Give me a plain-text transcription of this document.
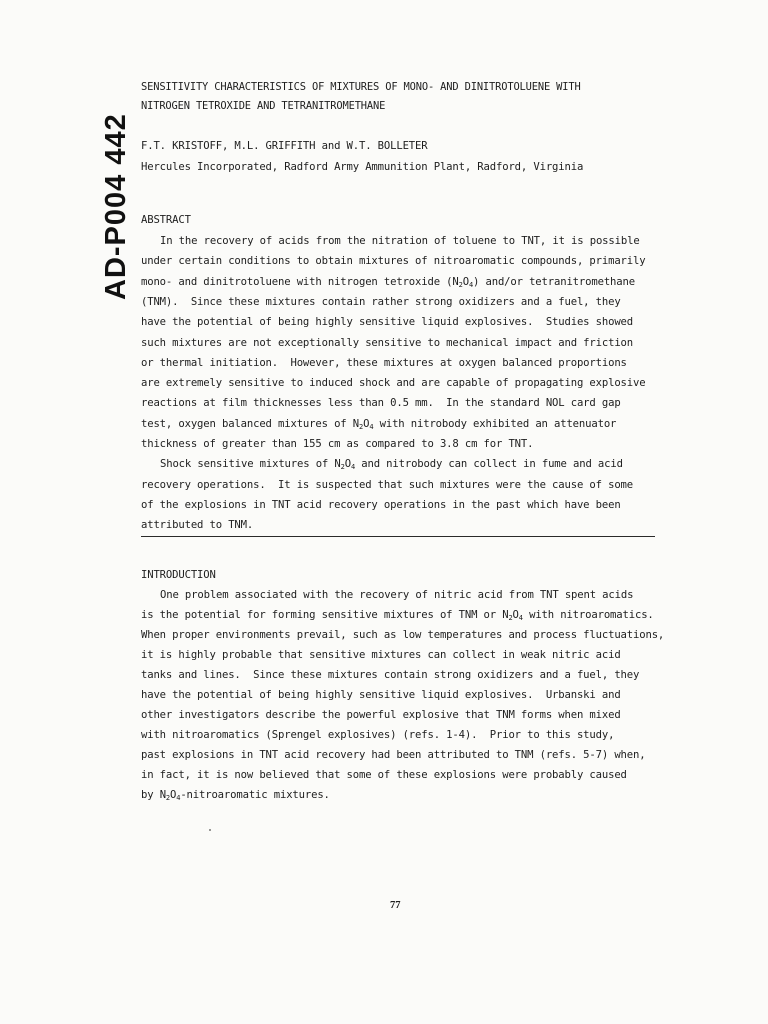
AD-P004 442
SENSITIVITY CHARACTERISTICS OF MIXTURES OF MONO- AND DINITROTOLUENE WITH
NITROGEN TETROXIDE AND TETRANITROMETHANE
F.T. KRISTOFF, M.L. GRIFFITH and W.T. BOLLETER
Hercules Incorporated, Radford Army Ammunition Plant, Radford, Virginia
ABSTRACT
In the recovery of acids from the nitration of toluene to TNT, it is possible
under certain conditions to obtain mixtures of nitroaromatic compounds, primarily
mono- and dinitrotoluene with nitrogen tetroxide $(N_2O_4)$ and/or tetranitromethane
(TNM).  Since these mixtures contain rather strong oxidizers and a fuel, they
have the potential of being highly sensitive liquid explosives.  Studies showed
such mixtures are not exceptionally sensitive to mechanical impact and friction
or thermal initiation.  However, these mixtures at oxygen balanced proportions
are extremely sensitive to induced shock and are capable of propagating explosive
reactions at film thicknesses less than 0.5 mm.  In the standard NOL card gap
test, oxygen balanced mixtures of $N_2O_4$ with nitrobody exhibited an attenuator
thickness of greater than 155 cm as compared to 3.8 cm for TNT.
Shock sensitive mixtures of $N_2O_4$ and nitrobody can collect in fume and acid
recovery operations.  It is suspected that such mixtures were the cause of some
of the explosions in TNT acid recovery operations in the past which have been
attributed to TNM.
INTRODUCTION
One problem associated with the recovery of nitric acid from TNT spent acids
is the potential for forming sensitive mixtures of TNM or $N_2O_4$ with nitroaromatics.
When proper environments prevail, such as low temperatures and process fluctuations,
it is highly probable that sensitive mixtures can collect in weak nitric acid
tanks and lines.  Since these mixtures contain strong oxidizers and a fuel, they
have the potential of being highly sensitive liquid explosives.  Urbanski and
other investigators describe the powerful explosive that TNM forms when mixed
with nitroaromatics (Sprengel explosives) (refs. 1-4).  Prior to this study,
past explosions in TNT acid recovery had been attributed to TNM (refs. 5-7) when,
in fact, it is now believed that some of these explosions were probably caused
by $N_2O_4$-nitroaromatic mixtures.
77
